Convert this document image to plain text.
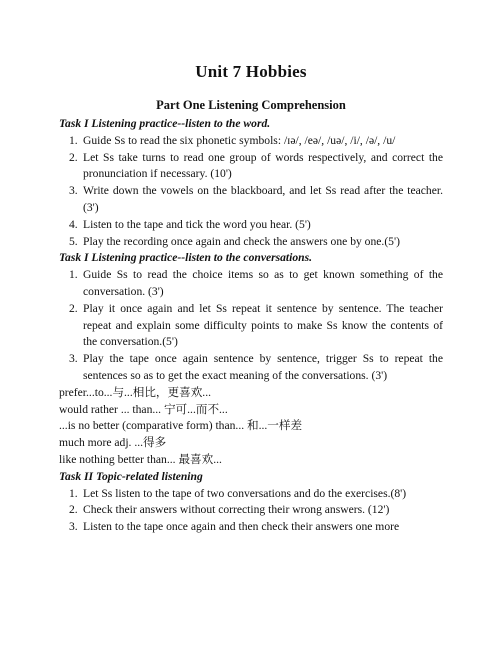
Unit 7 Hobbies
Part One Listening Comprehension

Task I Listening practice--listen to the word.

1. Guide Ss to read the six phonetic symbols: /ɪə/, /eə/, /uə/, /i/, /ə/, /u/
2. Let Ss take turns to read one group of words respectively, and correct the pronunciation if necessary. (10')
3. Write down the vowels on the blackboard, and let Ss read after the teacher. (3')
4. Listen to the tape and tick the word you hear. (5')
5. Play the recording once again and check the answers one by one.(5')

Task I Listening practice--listen to the conversations.

1. Guide Ss to read the choice items so as to get known something of the conversation. (3')
2. Play it once again and let Ss repeat it sentence by sentence. The teacher repeat and explain some difficulty points to make Ss know the contents of the conversation.(5')
3. Play the tape once again sentence by sentence, trigger Ss to repeat the sentences so as to get the exact meaning of the conversations. (3')

prefer...to...与...相比，更喜欢...

would rather ... than... 宁可...而不...

...is no better (comparative form) than... 和...一样差

much more adj. ...得多

like nothing better than... 最喜欢...

Task II Topic-related listening

1. Let Ss listen to the tape of two conversations and do the exercises.(8')
2. Check their answers without correcting their wrong answers. (12')
3. Listen to the tape once again and then check their answers one more
